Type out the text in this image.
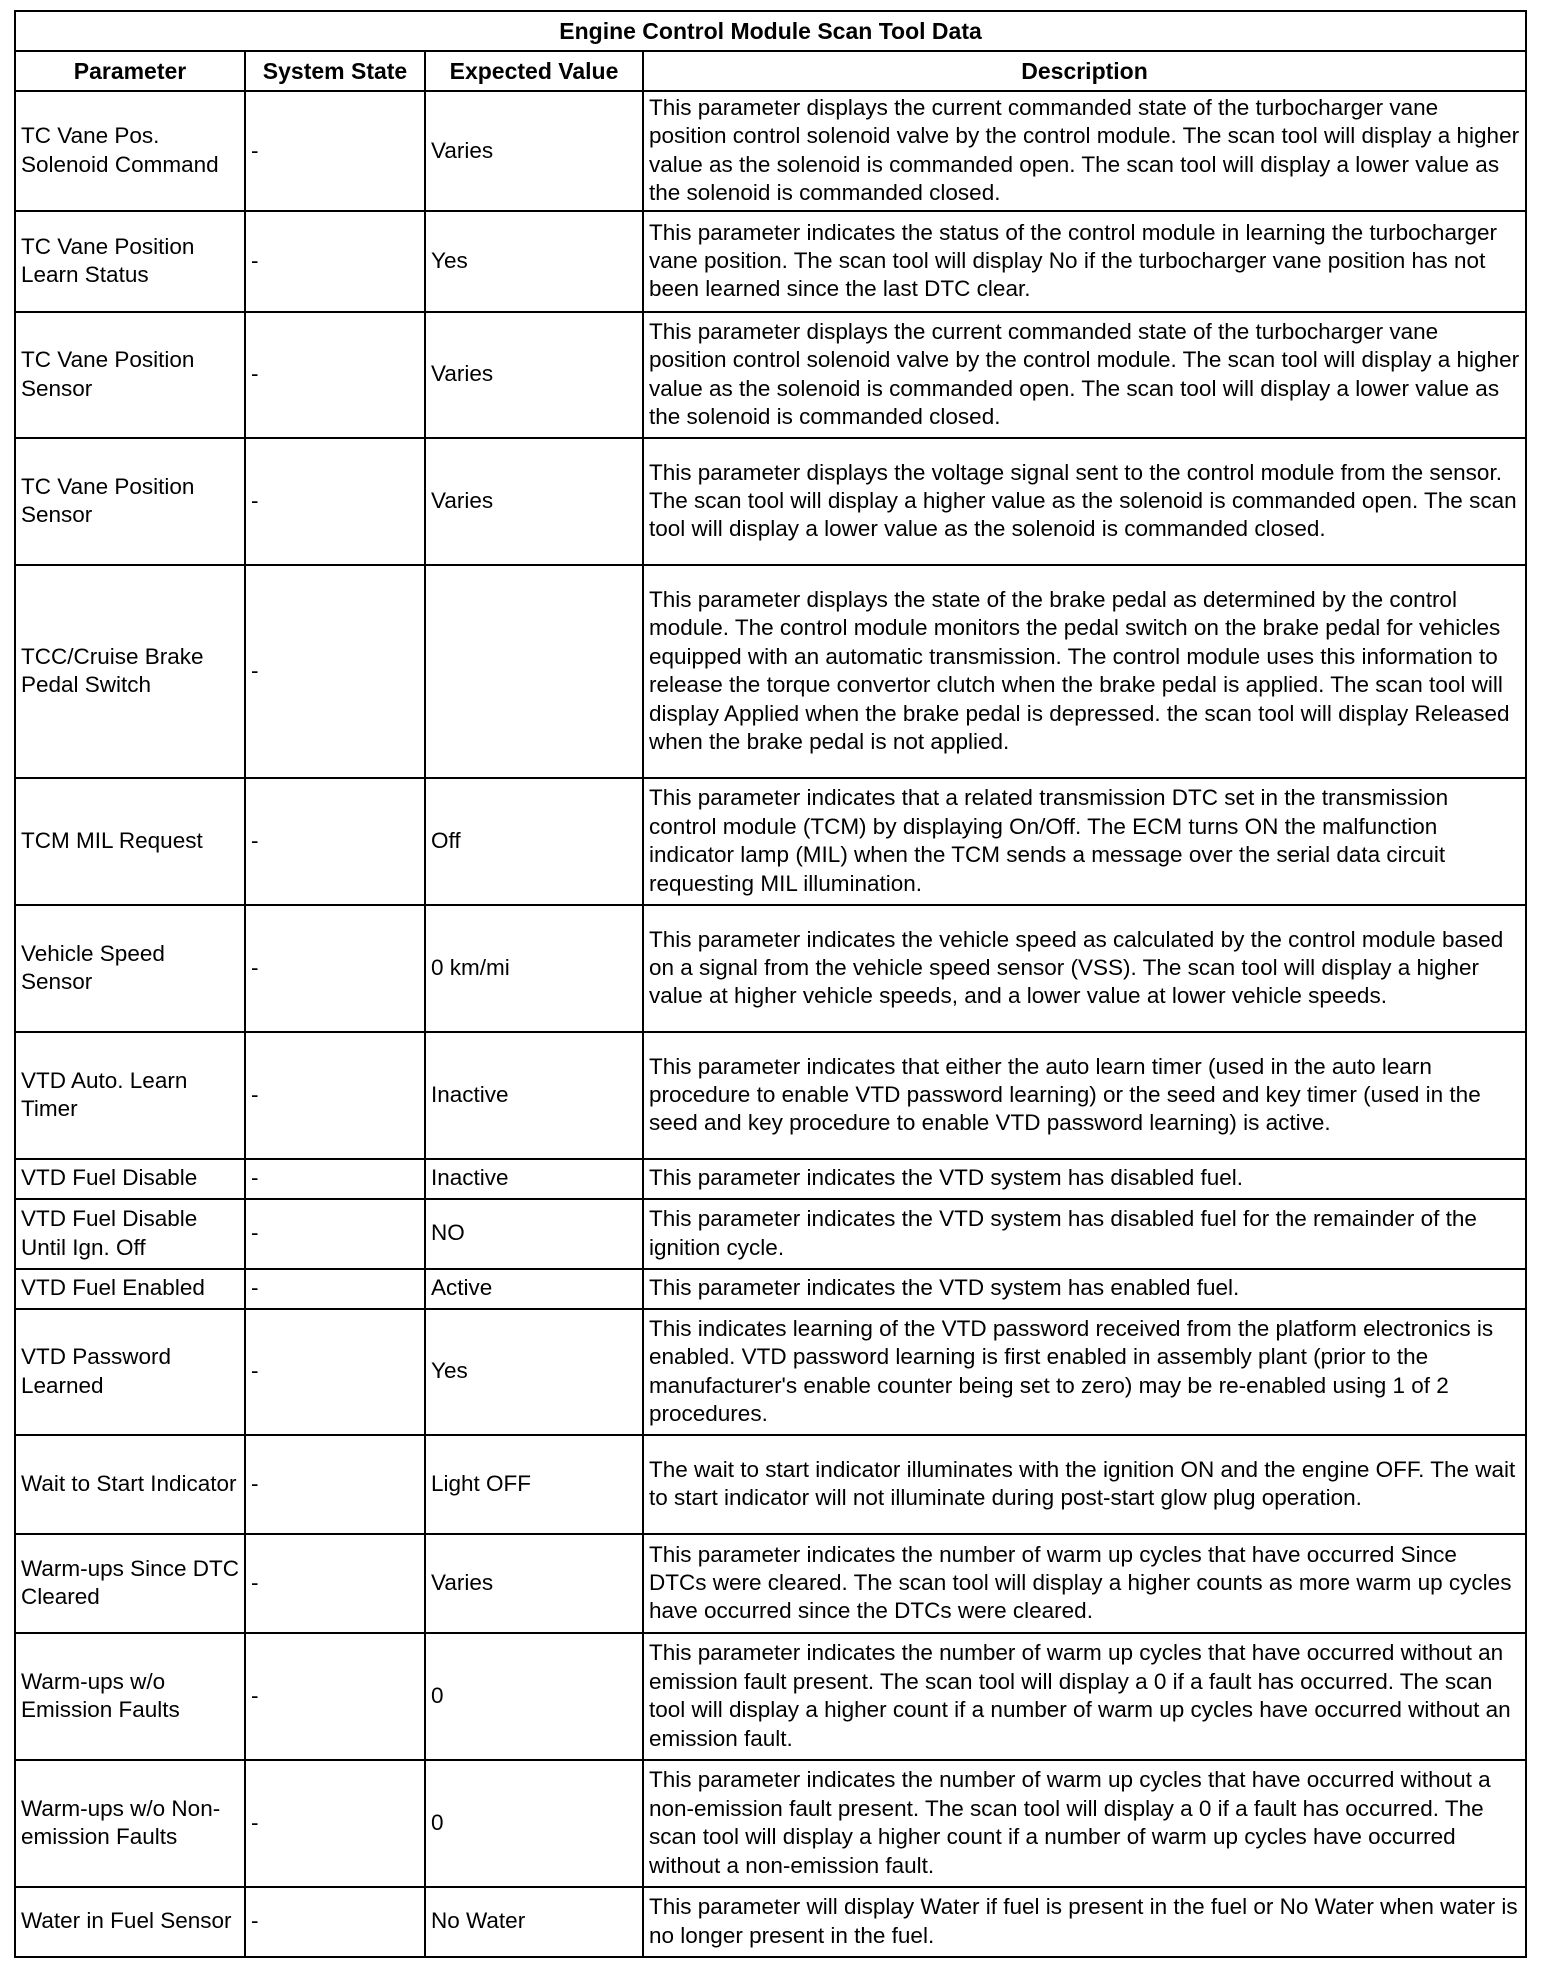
Engine Control Module Scan Tool Data			
Parameter	System State	Expected Value	Description
TC Vane Pos. Solenoid Command	-	Varies	This parameter displays the current commanded state of the turbocharger vane position control solenoid valve by the control module. The scan tool will display a higher value as the solenoid is commanded open. The scan tool will display a lower value as the solenoid is commanded closed.
TC Vane Position Learn Status	-	Yes	This parameter indicates the status of the control module in learning the turbocharger vane position. The scan tool will display No if the turbocharger vane position has not been learned since the last DTC clear.
TC Vane Position Sensor	-	Varies	This parameter displays the current commanded state of the turbocharger vane position control solenoid valve by the control module. The scan tool will display a higher value as the solenoid is commanded open. The scan tool will display a lower value as the solenoid is commanded closed.
TC Vane Position Sensor	-	Varies	This parameter displays the voltage signal sent to the control module from the sensor. The scan tool will display a higher value as the solenoid is commanded open. The scan tool will display a lower value as the solenoid is commanded closed.
TCC/Cruise Brake Pedal Switch	-		This parameter displays the state of the brake pedal as determined by the control module. The control module monitors the pedal switch on the brake pedal for vehicles equipped with an automatic transmission. The control module uses this information to release the torque convertor clutch when the brake pedal is applied. The scan tool will display Applied when the brake pedal is depressed. the scan tool will display Released when the brake pedal is not applied.
TCM MIL Request	-	Off	This parameter indicates that a related transmission DTC set in the transmission control module (TCM) by displaying On/Off. The ECM turns ON the malfunction indicator lamp (MIL) when the TCM sends a message over the serial data circuit requesting MIL illumination.
Vehicle Speed Sensor	-	0 km/mi	This parameter indicates the vehicle speed as calculated by the control module based on a signal from the vehicle speed sensor (VSS). The scan tool will display a higher value at higher vehicle speeds, and a lower value at lower vehicle speeds.
VTD Auto. Learn Timer	-	Inactive	This parameter indicates that either the auto learn timer (used in the auto learn procedure to enable VTD password learning) or the seed and key timer (used in the seed and key procedure to enable VTD password learning) is active.
VTD Fuel Disable	-	Inactive	This parameter indicates the VTD system has disabled fuel.
VTD Fuel Disable Until Ign. Off	-	NO	This parameter indicates the VTD system has disabled fuel for the remainder of the ignition cycle.
VTD Fuel Enabled	-	Active	This parameter indicates the VTD system has enabled fuel.
VTD Password Learned	-	Yes	This indicates learning of the VTD password received from the platform electronics is enabled. VTD password learning is first enabled in assembly plant (prior to the manufacturer's enable counter being set to zero) may be re-enabled using 1 of 2 procedures.
Wait to Start Indicator	-	Light OFF	The wait to start indicator illuminates with the ignition ON and the engine OFF. The wait to start indicator will not illuminate during post-start glow plug operation.
Warm-ups Since DTC Cleared	-	Varies	This parameter indicates the number of warm up cycles that have occurred Since DTCs were cleared. The scan tool will display a higher counts as more warm up cycles have occurred since the DTCs were cleared.
Warm-ups w/o Emission Faults	-	0	This parameter indicates the number of warm up cycles that have occurred without an emission fault present. The scan tool will display a 0 if a fault has occurred. The scan tool will display a higher count if a number of warm up cycles have occurred without an emission fault.
Warm-ups w/o Non-emission Faults	-	0	This parameter indicates the number of warm up cycles that have occurred without a non-emission fault present. The scan tool will display a 0 if a fault has occurred. The scan tool will display a higher count if a number of warm up cycles have occurred without a non-emission fault.
Water in Fuel Sensor	-	No Water	This parameter will display Water if fuel is present in the fuel or No Water when water is no longer present in the fuel.
